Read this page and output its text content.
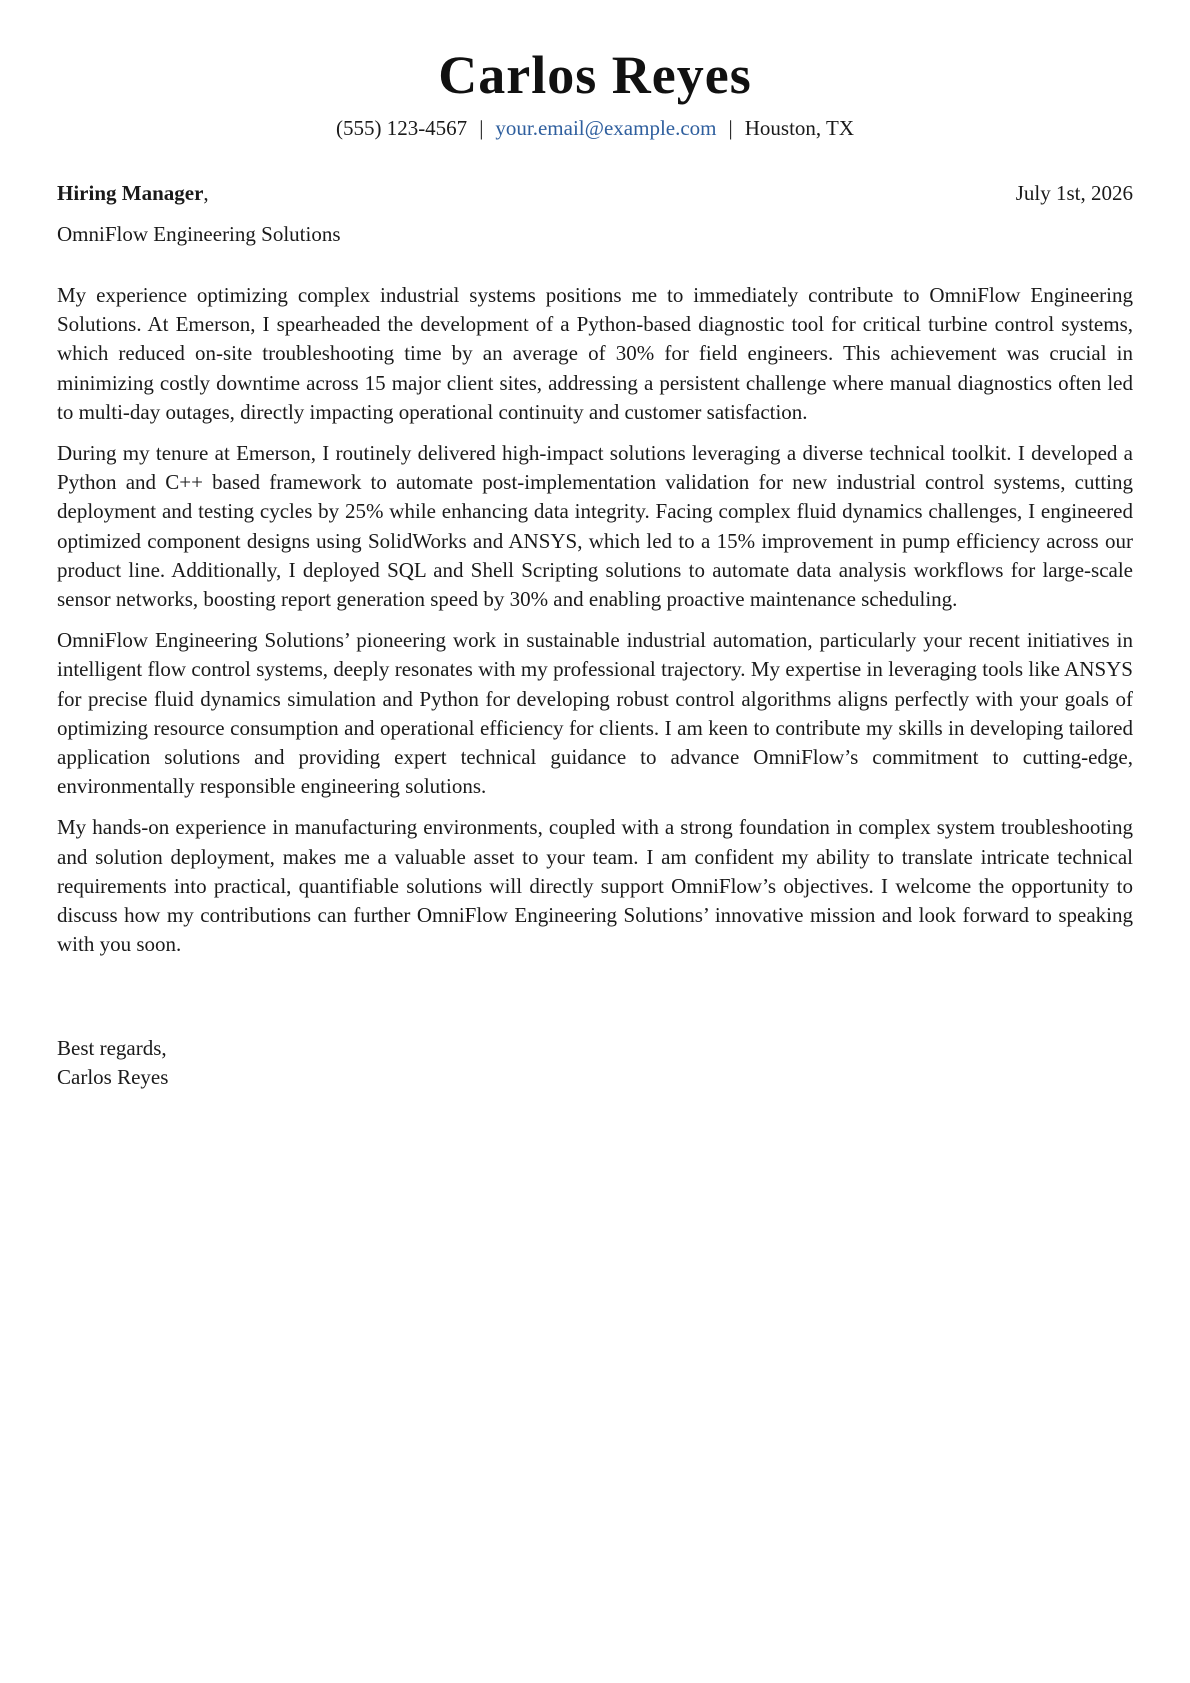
Carlos Reyes
(555) 123-4567 | your.email@example.com | Houston, TX
Hiring Manager,	July 1st, 2026
OmniFlow Engineering Solutions

My experience optimizing complex industrial systems positions me to immediately contribute to OmniFlow Engineering Solutions. At Emerson, I spearheaded the development of a Python-based diagnostic tool for critical turbine control systems, which reduced on-site troubleshooting time by an average of 30% for field engineers. This achievement was crucial in minimizing costly downtime across 15 major client sites, addressing a persistent challenge where manual diagnostics often led to multi-day outages, directly impacting operational continuity and customer satisfaction.

During my tenure at Emerson, I routinely delivered high-impact solutions leveraging a diverse technical toolkit. I developed a Python and C++ based framework to automate post-implementation validation for new industrial control systems, cutting deployment and testing cycles by 25% while enhancing data integrity. Facing complex fluid dynamics challenges, I engineered optimized component designs using SolidWorks and ANSYS, which led to a 15% improvement in pump efficiency across our product line. Additionally, I deployed SQL and Shell Scripting solutions to automate data analysis workflows for large-scale sensor networks, boosting report generation speed by 30% and enabling proactive maintenance scheduling.

OmniFlow Engineering Solutions’ pioneering work in sustainable industrial automation, particularly your recent initiatives in intelligent flow control systems, deeply resonates with my professional trajectory. My expertise in leveraging tools like ANSYS for precise fluid dynamics simulation and Python for developing robust control algorithms aligns perfectly with your goals of optimizing resource consumption and operational efficiency for clients. I am keen to contribute my skills in developing tailored application solutions and providing expert technical guidance to advance OmniFlow’s commitment to cutting-edge, environmentally responsible engineering solutions.

My hands-on experience in manufacturing environments, coupled with a strong foundation in complex system troubleshooting and solution deployment, makes me a valuable asset to your team. I am confident my ability to translate intricate technical requirements into practical, quantifiable solutions will directly support OmniFlow’s objectives. I welcome the opportunity to discuss how my contributions can further OmniFlow Engineering Solutions’ innovative mission and look forward to speaking with you soon.

Best regards,
Carlos Reyes
